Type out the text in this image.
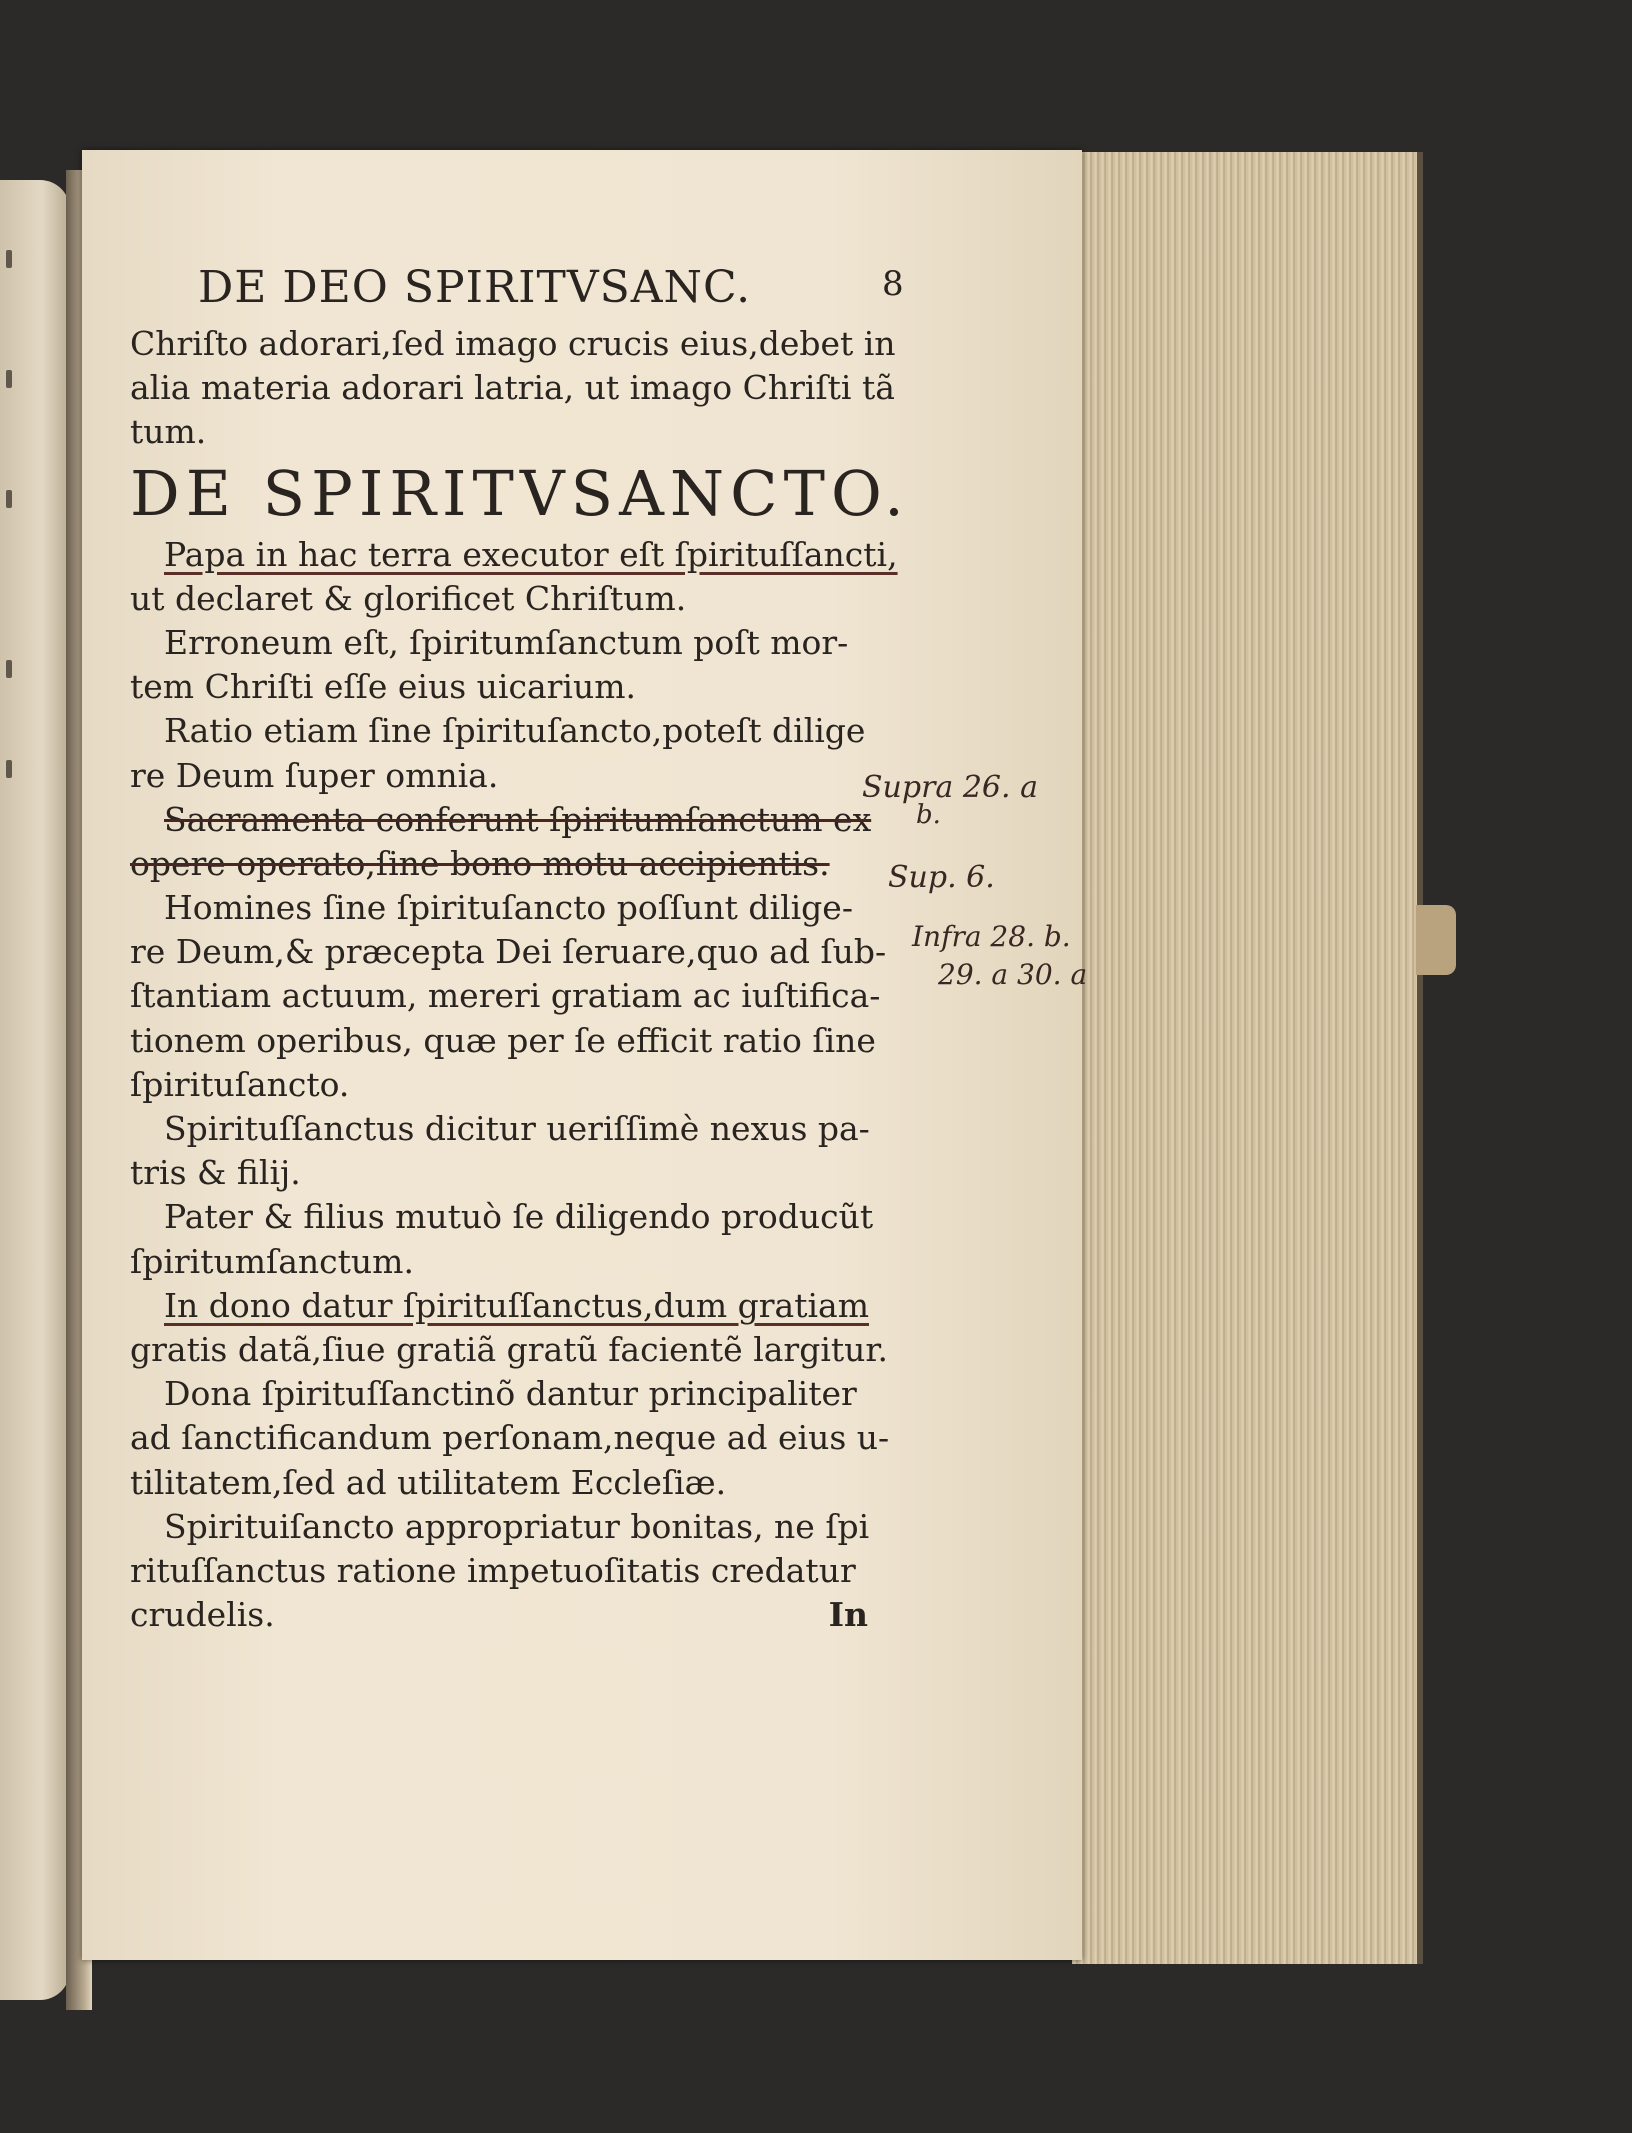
DE DEO SPIRITVSANC.	8
Chriſto adorari,ſed imago crucis eius,debet in
alia materia adorari latria, ut imago Chriſti tã
tum.
DE SPIRITVSANCTO.
Papa in hac terra executor eſt ſpirituſſancti,
ut declaret & glorificet Chriſtum.
Erroneum eſt, ſpiritumſanctum poſt mor-
tem Chriſti eſſe eius uicarium.
Ratio etiam ſine ſpirituſancto,poteſt dilige
re Deum ſuper omnia.
Sacramenta conferunt ſpiritumſanctum ex
opere operato,ſine bono motu accipientis.
Homines ſine ſpirituſancto poſſunt dilige-
re Deum,& præcepta Dei ſeruare,quo ad ſub-
ſtantiam actuum, mereri gratiam ac iuſtifica-
tionem operibus, quæ per ſe efficit ratio ſine
ſpirituſancto.
Spirituſſanctus dicitur ueriſſimè nexus pa-
tris & filij.
Pater & filius mutuò ſe diligendo producũt
ſpiritumſanctum.
In dono datur ſpirituſſanctus,dum gratiam
gratis datã,ſiue gratiã gratũ facientẽ largitur.
Dona ſpirituſſanctinõ dantur principaliter
ad ſanctificandum perſonam,neque ad eius u-
tilitatem,ſed ad utilitatem Eccleſiæ.
Spirituiſancto appropriatur bonitas, ne ſpi
rituſſanctus ratione impetuoſitatis credatur
crudelis.	In
Supra 26. a
b.
Sup. 6.
Infra 28. b.
29. a 30. a
